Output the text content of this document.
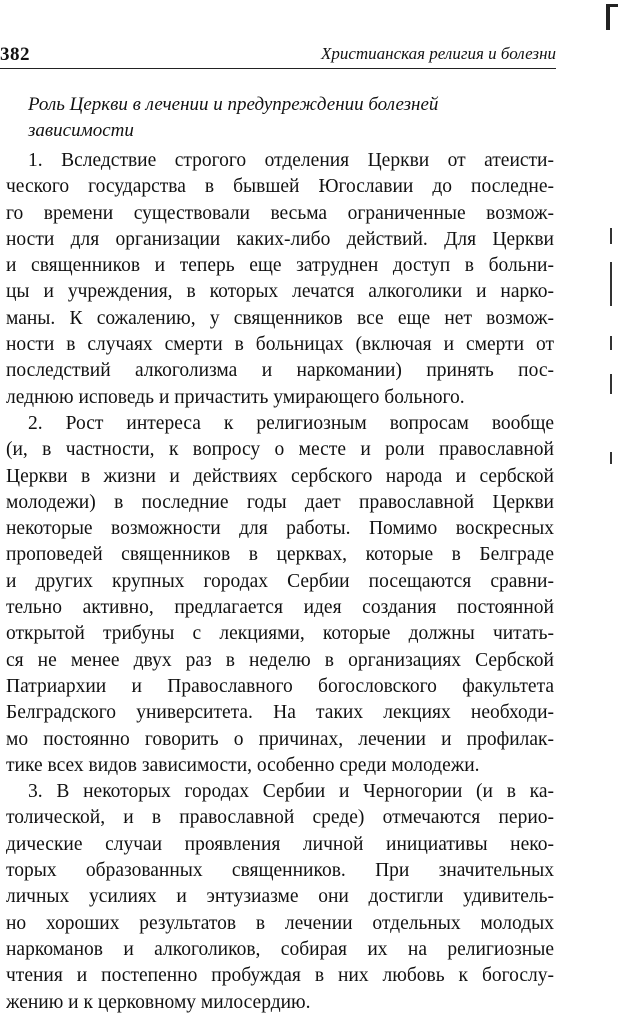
382	Христианская религия и болезни
Роль Церкви в лечении и предупреждении болезней
зависимости
1. Вследствие строгого отделения Церкви от атеисти-
ческого государства в бывшей Югославии до последне-
го времени существовали весьма ограниченные возмож-
ности для организации каких-либо действий. Для Церкви
и священников и теперь еще затруднен доступ в больни-
цы и учреждения, в которых лечатся алкоголики и нарко-
маны. К сожалению, у священников все еще нет возмож-
ности в случаях смерти в больницах (включая и смерти от
последствий алкоголизма и наркомании) принять пос-
леднюю исповедь и причастить умирающего больного.
2. Рост интереса к религиозным вопросам вообще
(и, в частности, к вопросу о месте и роли православной
Церкви в жизни и действиях сербского народа и сербской
молодежи) в последние годы дает православной Церкви
некоторые возможности для работы. Помимо воскресных
проповедей священников в церквах, которые в Белграде
и других крупных городах Сербии посещаются сравни-
тельно активно, предлагается идея создания постоянной
открытой трибуны с лекциями, которые должны читать-
ся не менее двух раз в неделю в организациях Сербской
Патриархии и Православного богословского факультета
Белградского университета. На таких лекциях необходи-
мо постоянно говорить о причинах, лечении и профилак-
тике всех видов зависимости, особенно среди молодежи.
3. В некоторых городах Сербии и Черногории (и в ка-
толической, и в православной среде) отмечаются перио-
дические случаи проявления личной инициативы неко-
торых образованных священников. При значительных
личных усилиях и энтузиазме они достигли удивитель-
но хороших результатов в лечении отдельных молодых
наркоманов и алкоголиков, собирая их на религиозные
чтения и постепенно пробуждая в них любовь к богослу-
жению и к церковному милосердию.
